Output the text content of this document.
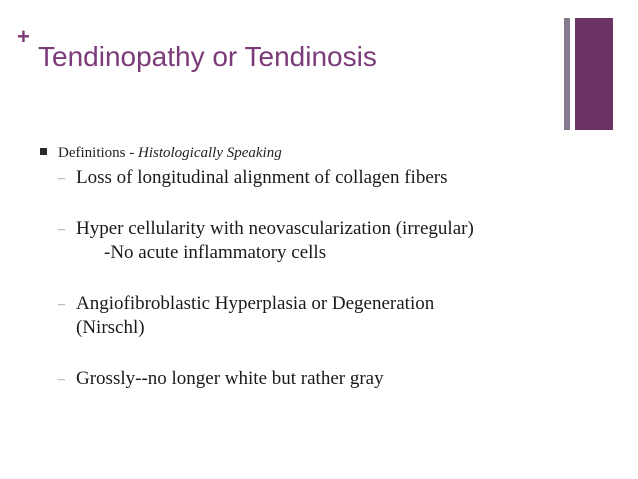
+
Tendinopathy or Tendinosis
Definitions - Histologically Speaking
– Loss of longitudinal alignment of collagen fibers
– Hyper cellularity with neovascularization (irregular)
-No acute inflammatory cells
– Angiofibroblastic Hyperplasia or Degeneration
(Nirschl)
– Grossly--no longer white but rather gray
